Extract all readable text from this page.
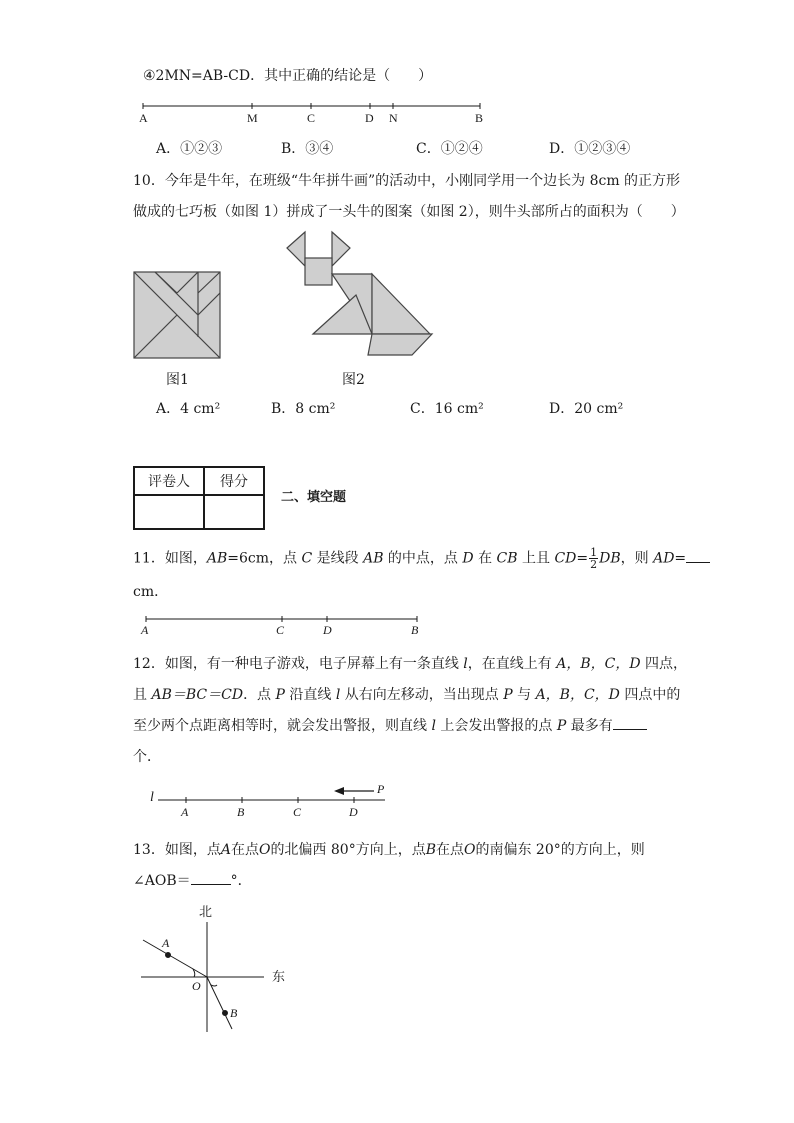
④2MN=AB-CD．其中正确的结论是（　　）
A	M	C	D N	B
A．①②③	B．③④	C．①②④	D．①②③④
10．今年是牛年，在班级“牛年拼牛画”的活动中，小刚同学用一个边长为 8cm 的正方形
做成的七巧板（如图 1）拼成了一头牛的图案（如图 2），则牛头部所占的面积为（　　）
图1	图2
A．4 cm²	B．8 cm²	C．16 cm²	D．20 cm²
评卷人	得分

二、填空题
11．如图，AB=6cm，点 C 是线段 AB 的中点，点 D 在 CB 上且 $CD= \frac{1}{2}$ DB，则 AD=
cm．
A	C	D	B
12．如图，有一种电子游戏，电子屏幕上有一条直线 l，在直线上有 A，B，C，D 四点，
且 AB＝BC＝CD．点 P 沿直线 l 从右向左移动，当出现点 P 与 A，B，C，D 四点中的
至少两个点距离相等时，就会发出警报，则直线 l 上会发出警报的点 P 最多有
个．
l
A	B	C	D
P
13．如图，点A在点O的北偏西 80°方向上，点B在点O的南偏东 20°的方向上，则
∠AOB＝	°．
北
东
A
O
B
